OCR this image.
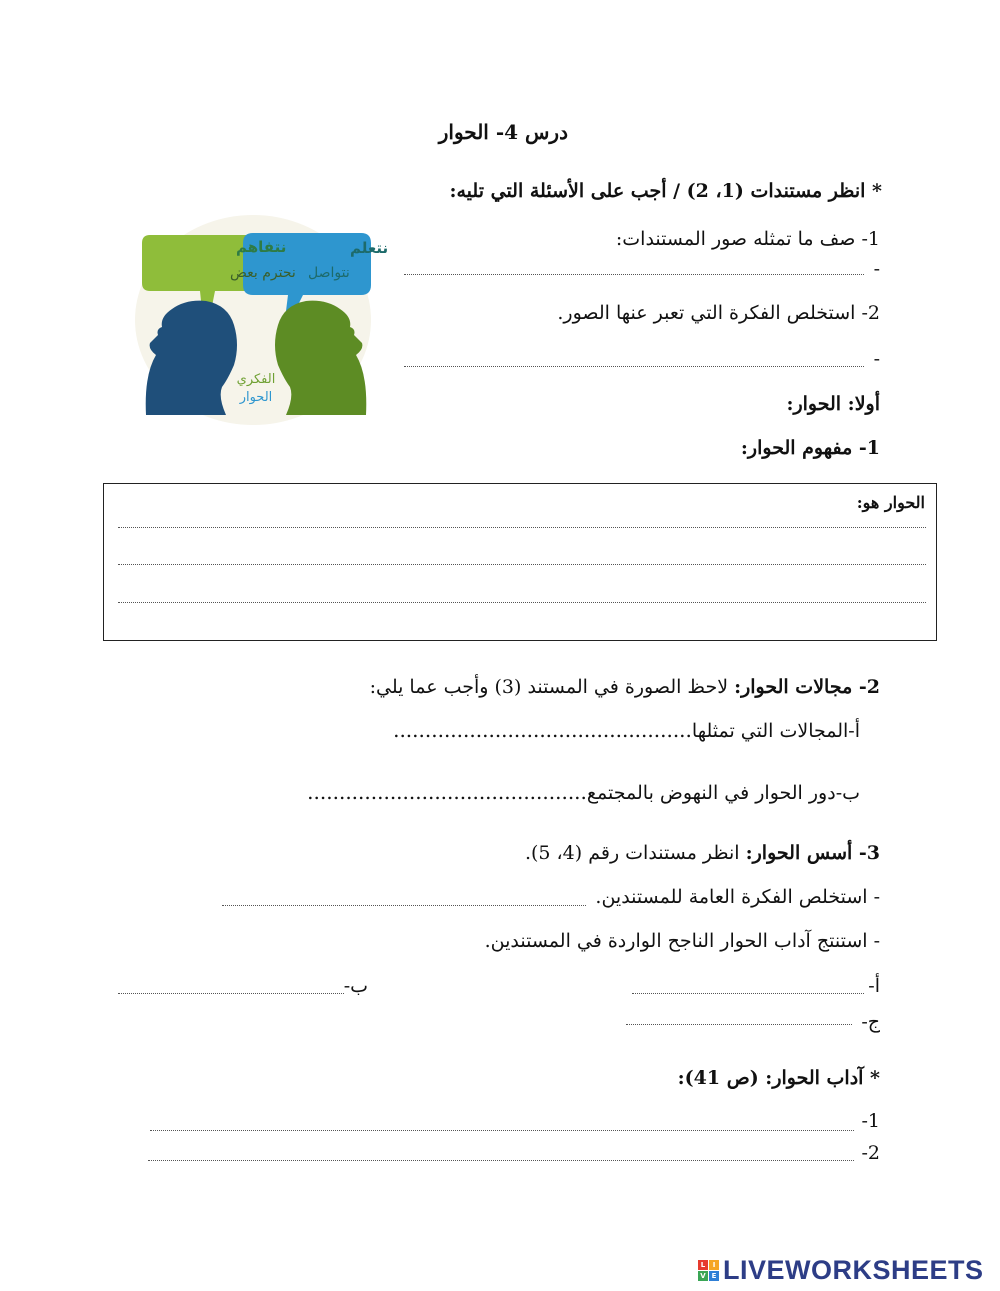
درس 4- الحوار
* انظر مستندات (1، 2) / أجب على الأسئلة التي تليه:
نتفاهم
نحترم بعض
نتعلم
نتواصل
الفكري
الحوار
1- صف ما تمثله صور المستندات:
-
2- استخلص الفكرة التي تعبر عنها الصور.
-
أولا: الحوار:
1- مفهوم الحوار:
الحوار هو:
2- مجالات الحوار: لاحظ الصورة في المستند (3) وأجب عما يلي:
أ-المجالات التي تمثلها...............................................
ب-دور الحوار في النهوض بالمجتمع............................................
3- أسس الحوار: انظر مستندات رقم (4، 5).
- استخلص الفكرة العامة للمستندين.
- استنتج آداب الحوار الناجح الواردة في المستندين.
أ-
ب-
ج-
* آداب الحوار: (ص 41):
1-
2-
L	I
V E LIVEWORKSHEETS
